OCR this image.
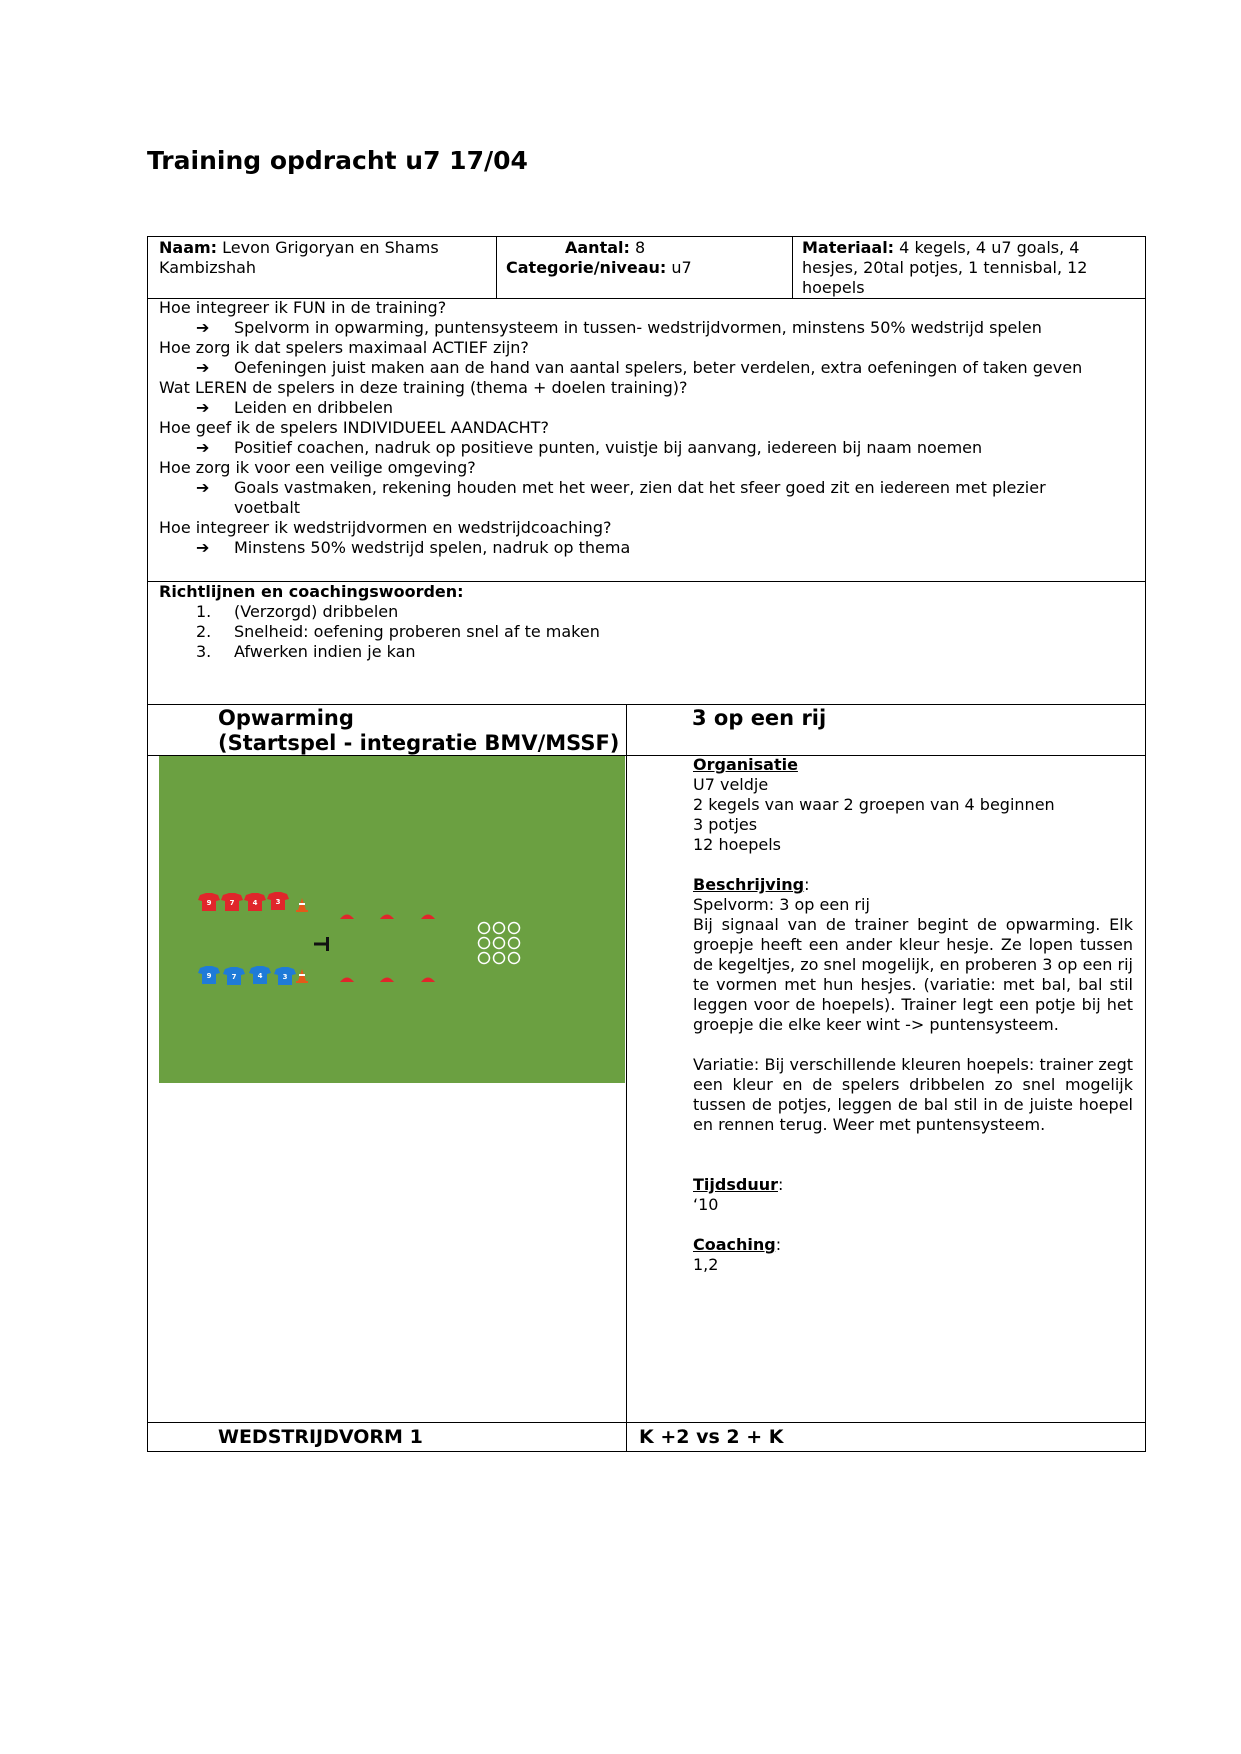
Training opdracht u7 17/04
Naam: Levon Grigoryan en Shams Kambizshah
Aantal: 8
Categorie/niveau: u7
Materiaal: 4 kegels, 4 u7 goals, 4 hesjes, 20tal potjes, 1 tennisbal, 12 hoepels
Hoe integreer ik FUN in de training?
➔ Spelvorm in opwarming, puntensysteem in tussen- wedstrijdvormen, minstens 50% wedstrijd spelen
Hoe zorg ik dat spelers maximaal ACTIEF zijn?
➔ Oefeningen juist maken aan de hand van aantal spelers, beter verdelen, extra oefeningen of taken geven
Wat LEREN de spelers in deze training (thema + doelen training)?
➔ Leiden en dribbelen
Hoe geef ik de spelers INDIVIDUEEL AANDACHT?
➔ Positief coachen, nadruk op positieve punten, vuistje bij aanvang, iedereen bij naam noemen
Hoe zorg ik voor een veilige omgeving?
➔ Goals vastmaken, rekening houden met het weer, zien dat het sfeer goed zit en iedereen met plezier voetbalt
Hoe integreer ik wedstrijdvormen en wedstrijdcoaching?
➔ Minstens 50% wedstrijd spelen, nadruk op thema
Richtlijnen en coachingswoorden:
1. (Verzorgd) dribbelen
2. Snelheid: oefening proberen snel af te maken
3. Afwerken indien je kan
Opwarming
(Startspel - integratie BMV/MSSF)
3 op een rij
9	7	4	3
9	7	4	3
Organisatie
U7 veldje
2 kegels van waar 2 groepen van 4 beginnen
3 potjes
12 hoepels
Beschrijving:
Spelvorm: 3 op een rij
Bij signaal van de trainer begint de opwarming. Elk groepje heeft een ander kleur hesje. Ze lopen tussen de kegeltjes, zo snel mogelijk, en proberen 3 op een rij te vormen met hun hesjes. (variatie: met bal, bal stil leggen voor de hoepels). Trainer legt een potje bij het groepje die elke keer wint -> puntensysteem.
Variatie: Bij verschillende kleuren hoepels: trainer zegt een kleur en de spelers dribbelen zo snel mogelijk tussen de potjes, leggen de bal stil in de juiste hoepel en rennen terug. Weer met puntensysteem.
Tijdsduur:
‘10
Coaching:
1,2
WEDSTRIJDVORM 1	K +2 vs 2 + K
